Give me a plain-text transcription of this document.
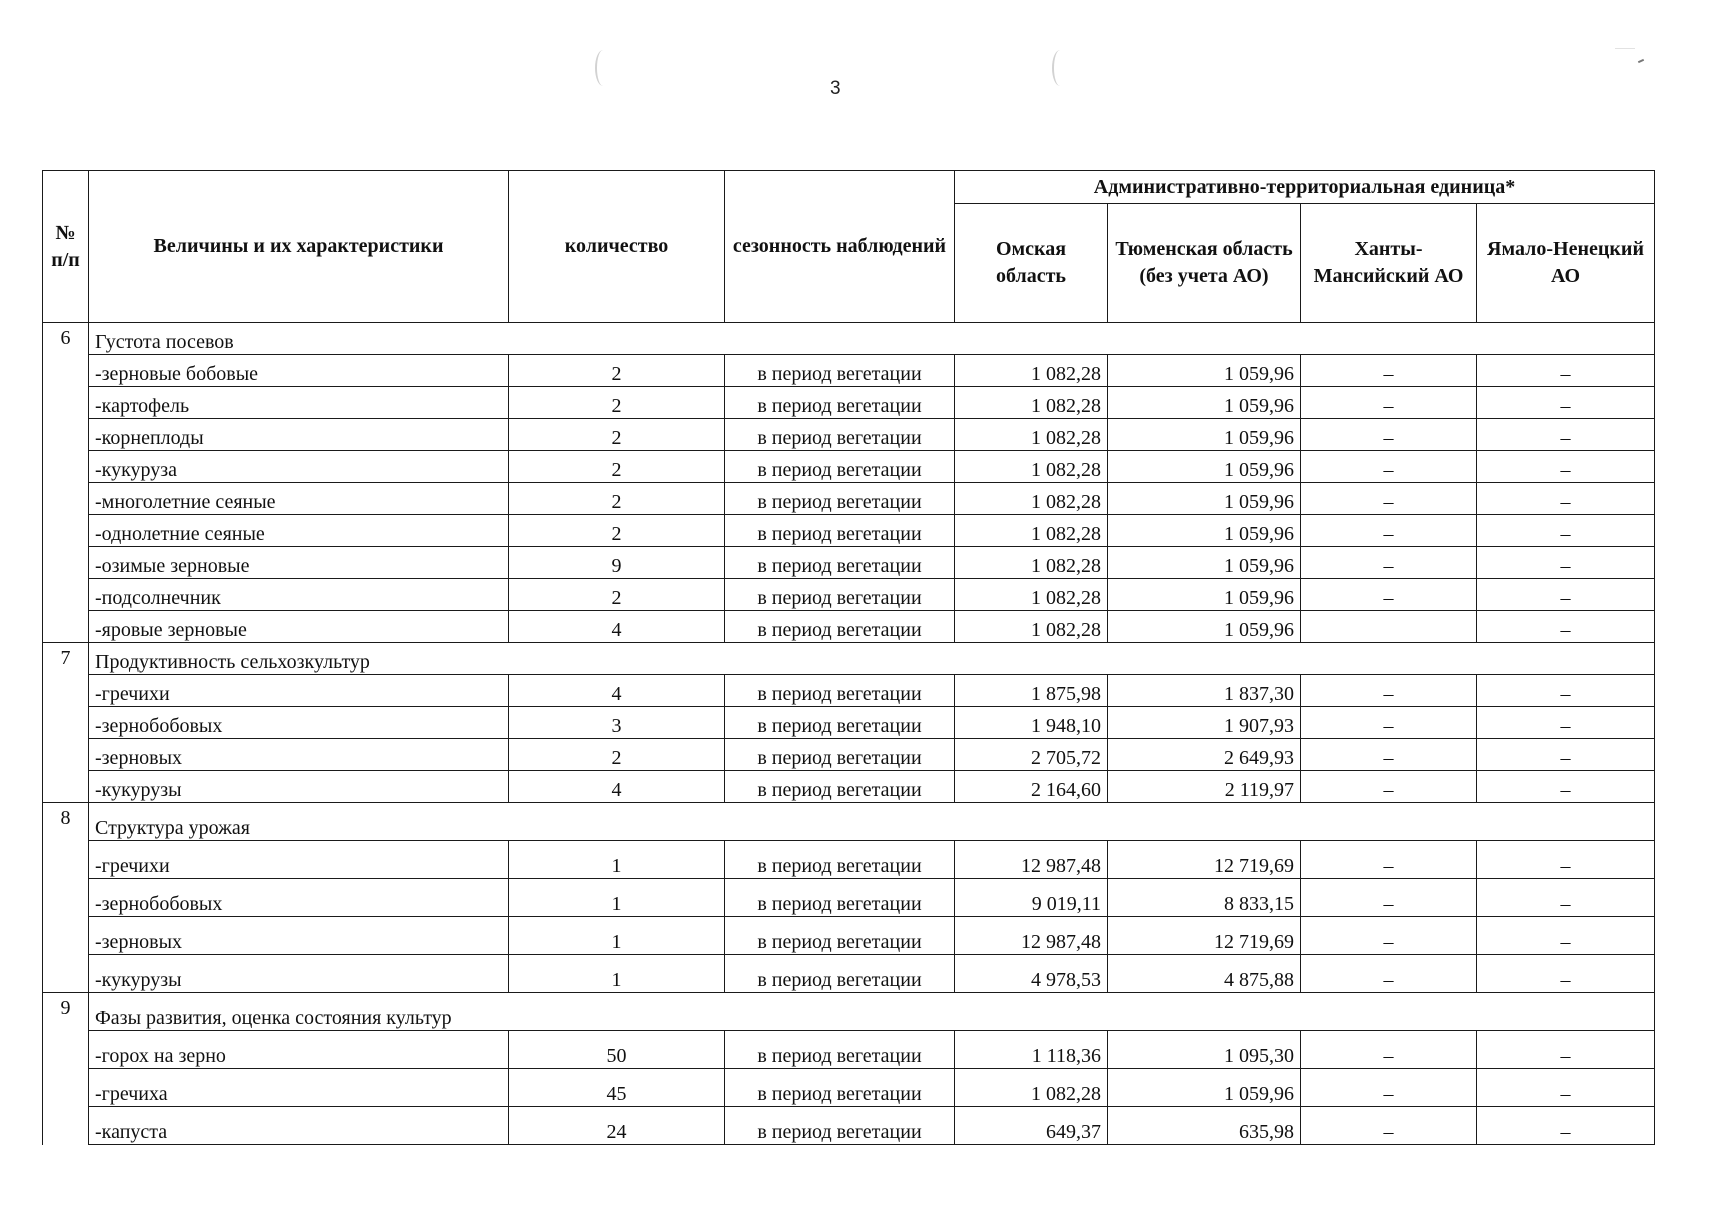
3
№ п/п	Величины и их характеристики	количество	сезонность наблюдений	Административно-территориальная единица*			
				Омская область	Тюменская область (без учета АО)	Ханты-Мансийский АО	Ямало-Ненецкий АО
6	Густота посевов						
	-зерновые бобовые	2	в период вегетации	1 082,28	1 059,96	–	–
	-картофель	2	в период вегетации	1 082,28	1 059,96	–	–
	-корнеплоды	2	в период вегетации	1 082,28	1 059,96	–	–
	-кукуруза	2	в период вегетации	1 082,28	1 059,96	–	–
	-многолетние сеяные	2	в период вегетации	1 082,28	1 059,96	–	–
	-однолетние сеяные	2	в период вегетации	1 082,28	1 059,96	–	–
	-озимые зерновые	9	в период вегетации	1 082,28	1 059,96	–	–
	-подсолнечник	2	в период вегетации	1 082,28	1 059,96	–	–
	-яровые зерновые	4	в период вегетации	1 082,28	1 059,96		–
7	Продуктивность сельхозкультур						
	-гречихи	4	в период вегетации	1 875,98	1 837,30	–	–
	-зернобобовых	3	в период вегетации	1 948,10	1 907,93	–	–
	-зерновых	2	в период вегетации	2 705,72	2 649,93	–	–
	-кукурузы	4	в период вегетации	2 164,60	2 119,97	–	–
8	Структура урожая						
	-гречихи	1	в период вегетации	12 987,48	12 719,69	–	–
	-зернобобовых	1	в период вегетации	9 019,11	8 833,15	–	–
	-зерновых	1	в период вегетации	12 987,48	12 719,69	–	–
	-кукурузы	1	в период вегетации	4 978,53	4 875,88	–	–
9	Фазы развития, оценка состояния культур						
	-горох на зерно	50	в период вегетации	1 118,36	1 095,30	–	–
	-гречиха	45	в период вегетации	1 082,28	1 059,96	–	–
	-капуста	24	в период вегетации	649,37	635,98	–	–
